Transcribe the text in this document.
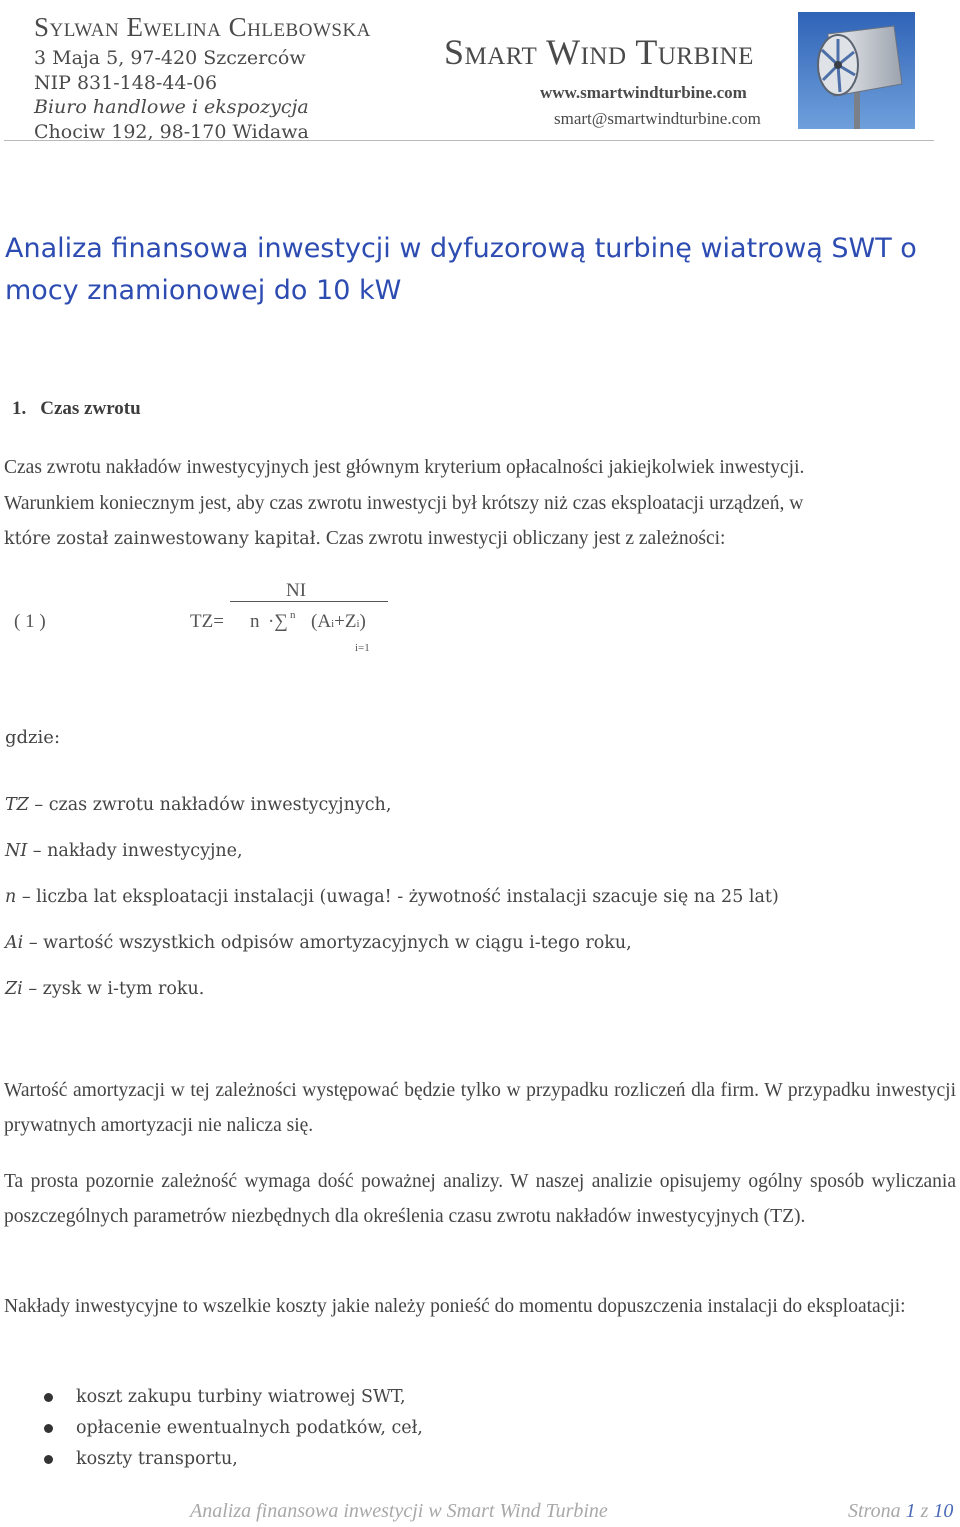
Sylwan Ewelina Chlebowska
3 Maja 5, 97-420 Szczerców
NIP 831-148-44-06
Biuro handlowe i ekspozycja
Chociw 192, 98-170 Widawa
Smart Wind Turbine
www.smartwindturbine.com
smart@smartwindturbine.com
Analiza finansowa inwestycji w dyfuzorową turbinę wiatrową SWT o mocy znamionowej do 10 kW
1. Czas zwrotu
Czas zwrotu nakładów inwestycyjnych jest głównym kryterium opłacalności jakiejkolwiek inwestycji.
Warunkiem koniecznym jest, aby czas zwrotu inwestycji był krótszy niż czas eksploatacji urządzeń, w
które został zainwestowany kapitał. Czas zwrotu inwestycji obliczany jest z zależności:
( 1 )
NI
TZ= n ·∑ n (Ai+Zi)
i=1
gdzie:
TZ – czas zwrotu nakładów inwestycyjnych,
NI – nakłady inwestycyjne,
n – liczba lat eksploatacji instalacji (uwaga! - żywotność instalacji szacuje się na 25 lat)
Ai – wartość wszystkich odpisów amortyzacyjnych w ciągu i-tego roku,
Zi – zysk w i-tym roku.

Wartość amortyzacji w tej zależności występować będzie tylko w przypadku rozliczeń dla firm. W przypadku inwestycji prywatnych amortyzacji nie nalicza się.

Ta prosta pozornie zależność wymaga dość poważnej analizy. W naszej analizie opisujemy ogólny sposób wyliczania poszczególnych parametrów niezbędnych dla określenia czasu zwrotu nakładów inwestycyjnych (TZ).

Nakłady inwestycyjne to wszelkie koszty jakie należy ponieść do momentu dopuszczenia instalacji do eksploatacji:

koszt zakupu turbiny wiatrowej SWT,
opłacenie ewentualnych podatków, ceł,
koszty transportu,
Analiza finansowa inwestycji w Smart Wind Turbine	Strona 1 z 10
